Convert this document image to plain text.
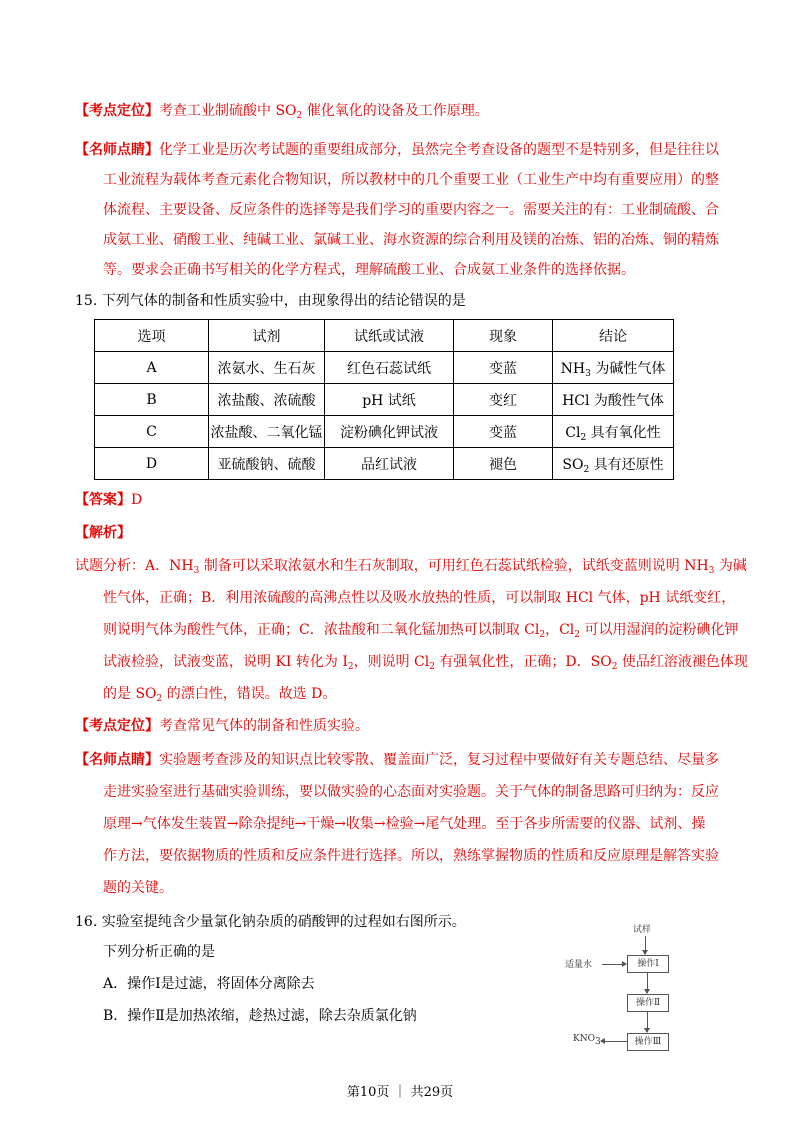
【考点定位】考查工业制硫酸中 $SO_2$ 催化氧化的设备及工作原理。
【名师点睛】化学工业是历次考试题的重要组成部分，虽然完全考查设备的题型不是特别多，但是往往以
工业流程为载体考查元素化合物知识，所以教材中的几个重要工业（工业生产中均有重要应用）的整
体流程、主要设备、反应条件的选择等是我们学习的重要内容之一。需要关注的有：工业制硫酸、合
成氨工业、硝酸工业、纯碱工业、氯碱工业、海水资源的综合利用及镁的冶炼、铝的冶炼、铜的精炼
等。要求会正确书写相关的化学方程式，理解硫酸工业、合成氨工业条件的选择依据。
15. 下列气体的制备和性质实验中，由现象得出的结论错误的是
选项	试剂	试纸或试液	现象	结论
A	浓氨水、生石灰	红色石蕊试纸	变蓝	$NH_3$ 为碱性气体
B	浓盐酸、浓硫酸	pH 试纸	变红	HCl 为酸性气体
C	浓盐酸、二氧化锰	淀粉碘化钾试液	变蓝	$Cl_2$ 具有氧化性
D	亚硫酸钠、硫酸	品红试液	褪色	$SO_2$ 具有还原性
【答案】D
【解析】
试题分析：A．$NH_3$ 制备可以采取浓氨水和生石灰制取，可用红色石蕊试纸检验，试纸变蓝则说明 $NH_3$ 为碱
性气体，正确；B．利用浓硫酸的高沸点性以及吸水放热的性质，可以制取 HCl 气体，pH 试纸变红，
则说明气体为酸性气体，正确；C．浓盐酸和二氧化锰加热可以制取 $Cl_2$，$Cl_2$ 可以用湿润的淀粉碘化钾
试液检验，试液变蓝，说明 KI 转化为 $I_2$，则说明 $Cl_2$ 有强氧化性，正确；D．$SO_2$ 使品红溶液褪色体现
的是 $SO_2$ 的漂白性，错误。故选 D。
【考点定位】考查常见气体的制备和性质实验。
【名师点睛】实验题考查涉及的知识点比较零散、覆盖面广泛，复习过程中要做好有关专题总结、尽量多
走进实验室进行基础实验训练，要以做实验的心态面对实验题。关于气体的制备思路可归纳为：反应
原理→气体发生装置→除杂提纯→干燥→收集→检验→尾气处理。至于各步所需要的仪器、试剂、操
作方法，要依据物质的性质和反应条件进行选择。所以，熟练掌握物质的性质和反应原理是解答实验
题的关键。
16. 实验室提纯含少量氯化钠杂质的硝酸钾的过程如右图所示。
下列分析正确的是
A．操作Ⅰ是过滤，将固体分离除去
B．操作Ⅱ是加热浓缩，趁热过滤，除去杂质氯化钠
试样
适量水	操作Ⅰ
操作Ⅱ
操作Ⅲ
$KNO_3$
第10页 ｜ 共29页
